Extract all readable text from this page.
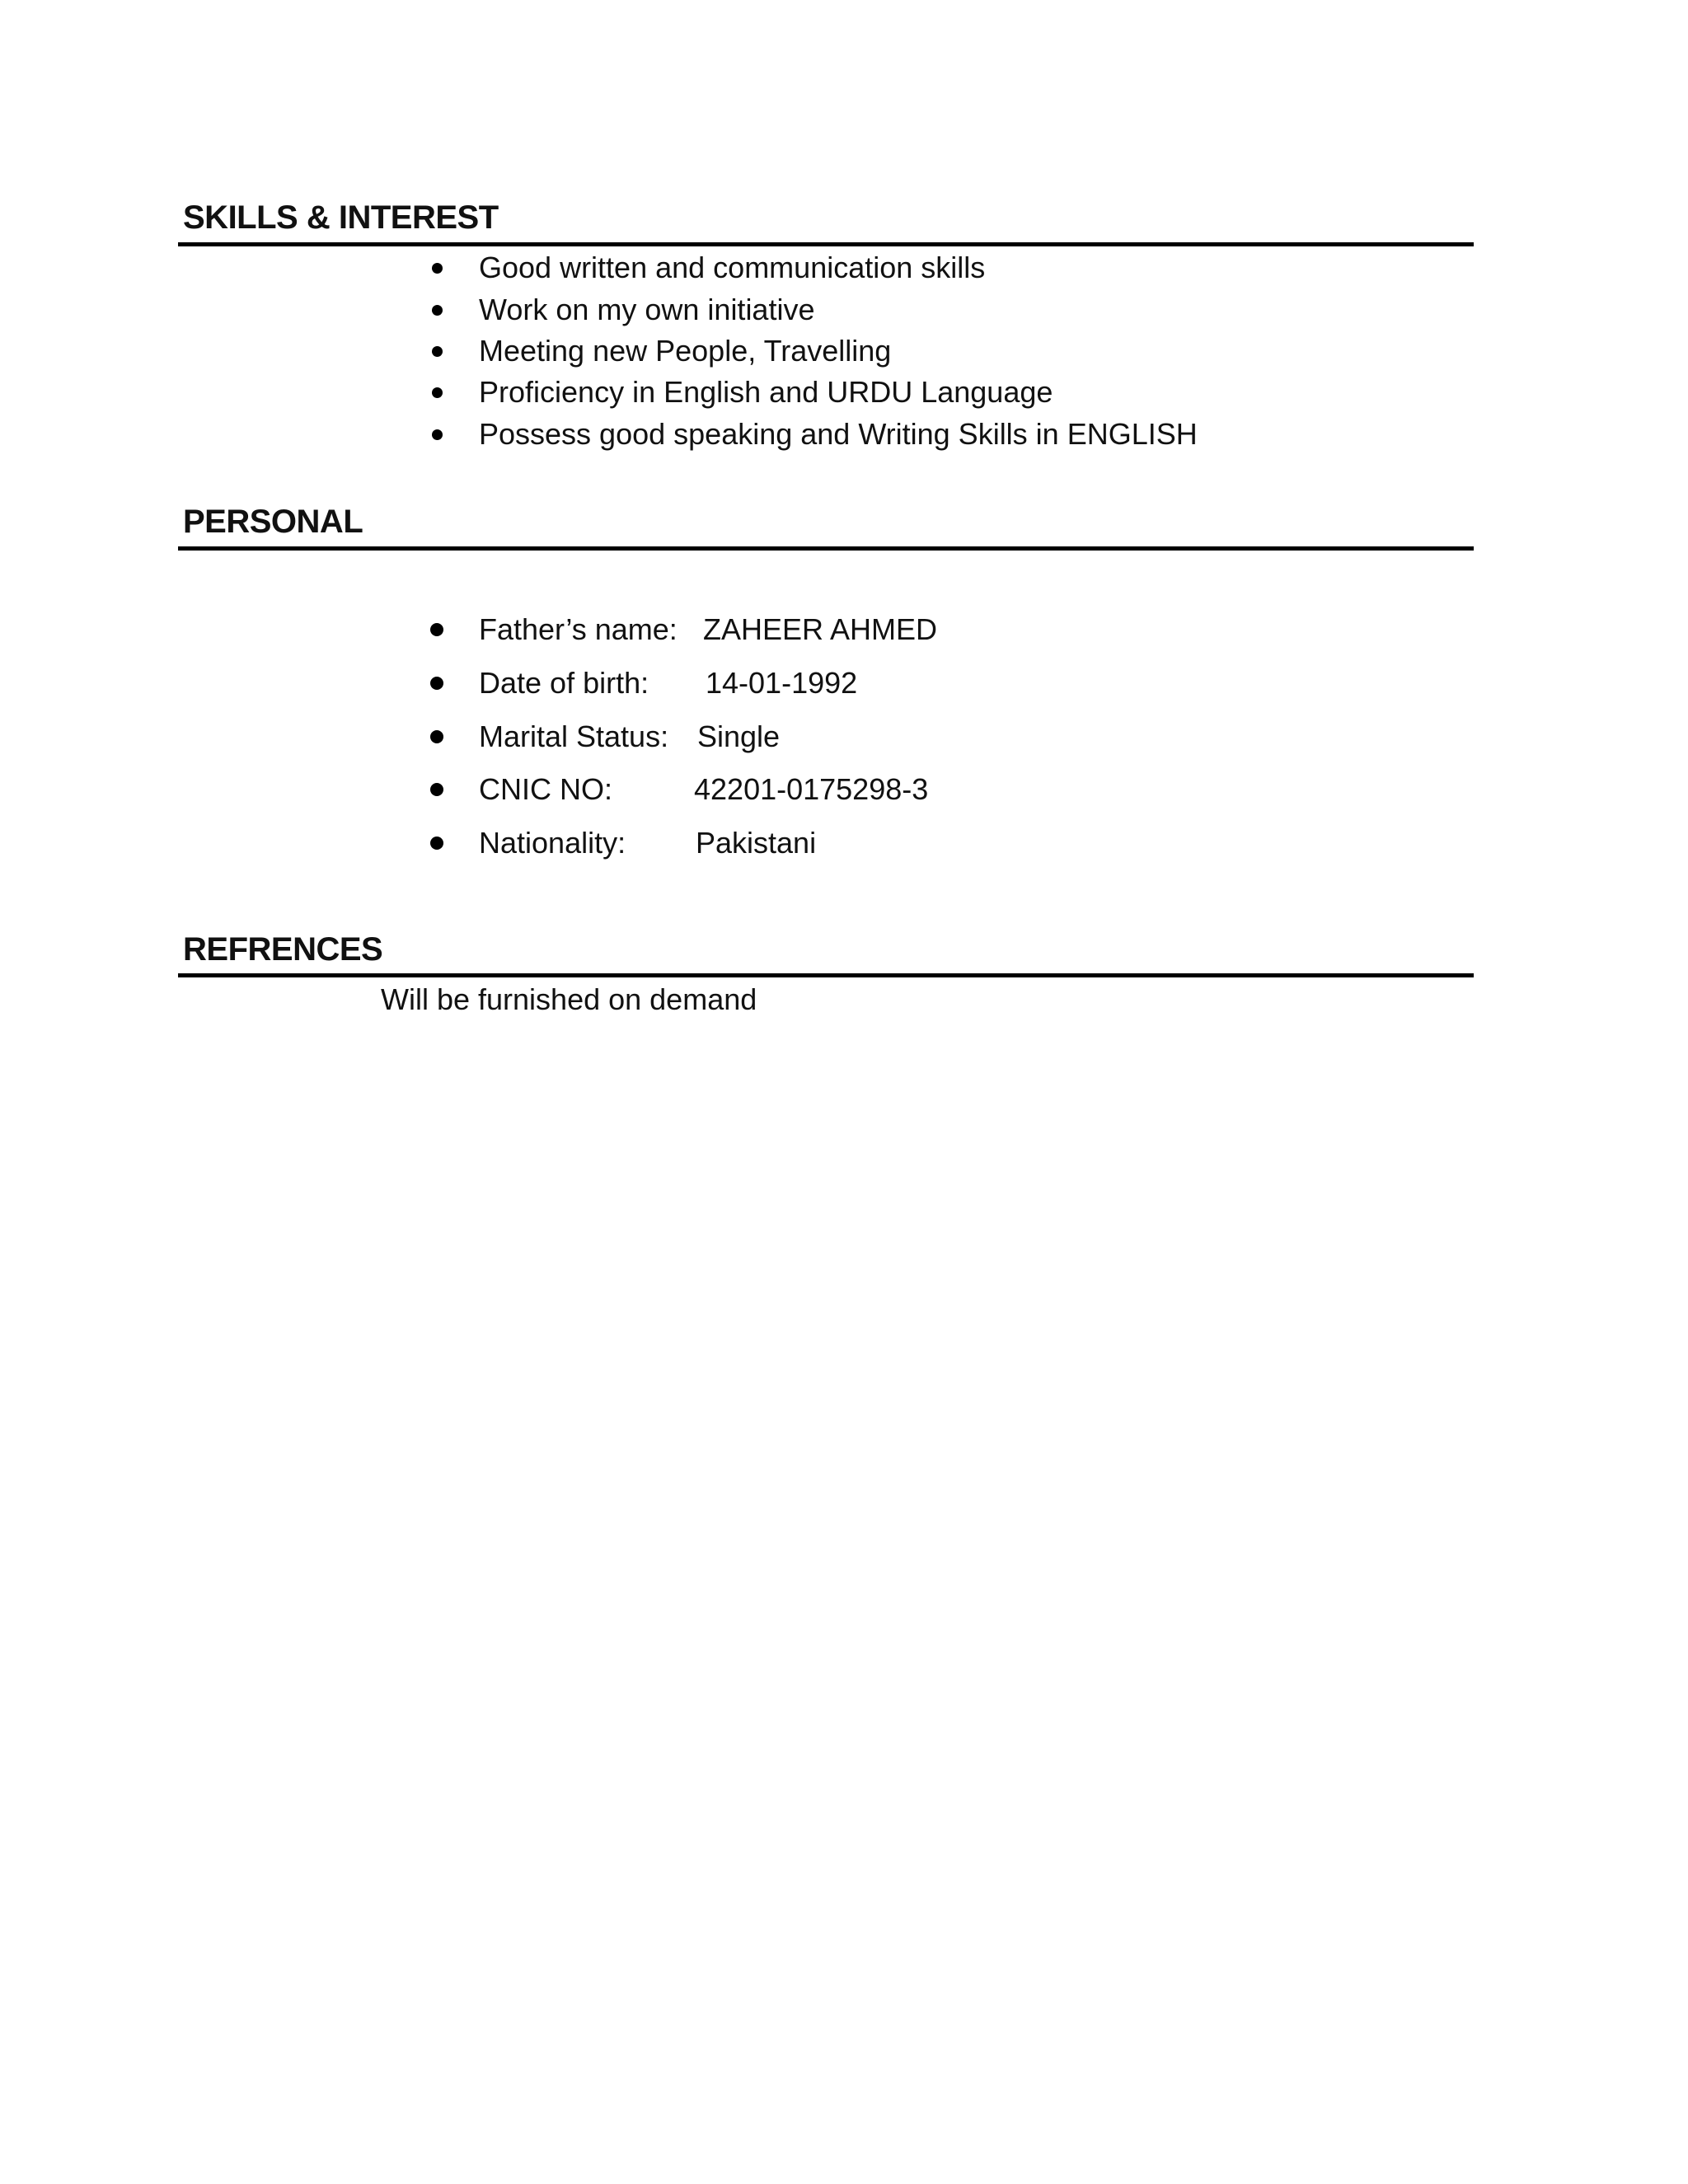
SKILLS & INTEREST
Good written and communication skills
Work on my own initiative
Meeting new People, Travelling
Proficiency in English and URDU Language
Possess good speaking and Writing Skills in ENGLISH
PERSONAL
Father’s name: ZAHEER AHMED
Date of birth: 14-01-1992
Marital Status: Single
CNIC NO:	42201-0175298-3
Nationality: Pakistani
REFRENCES
Will be furnished on demand
